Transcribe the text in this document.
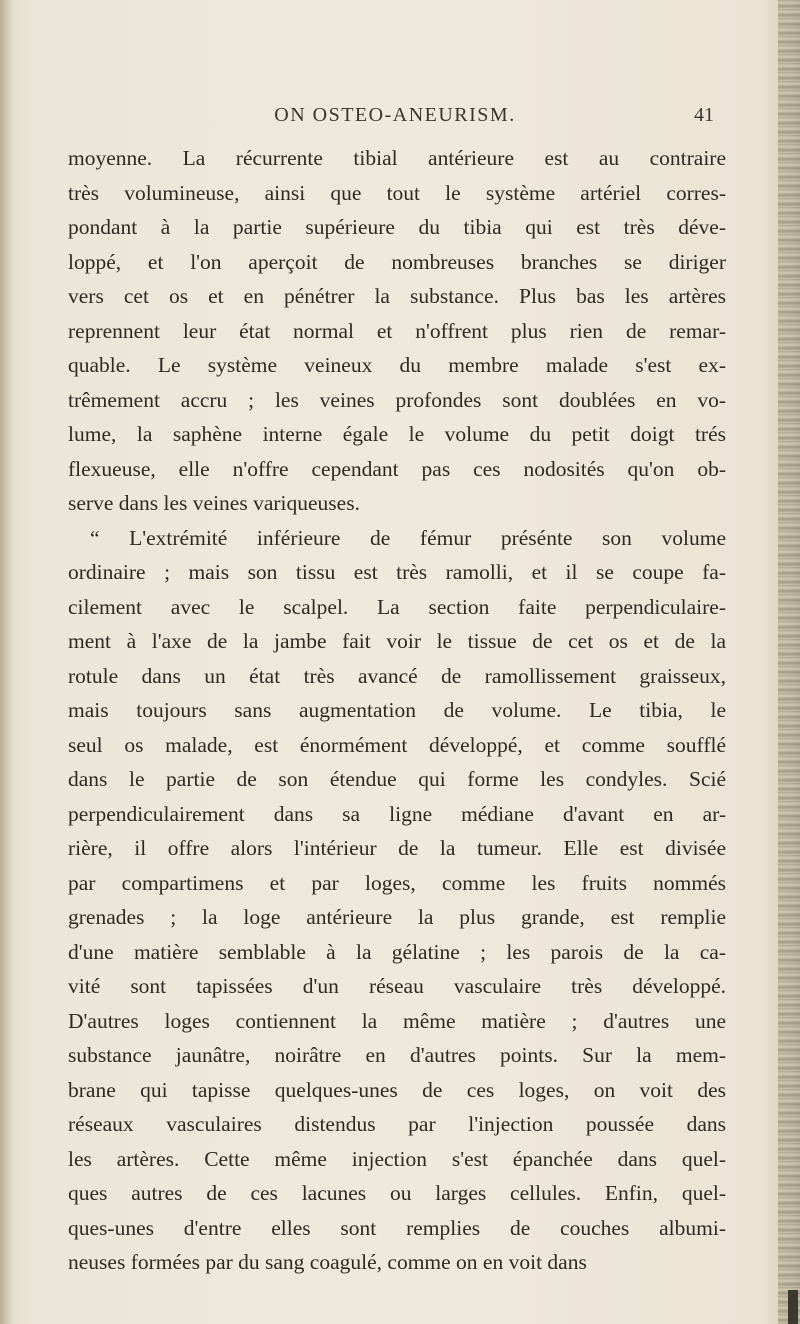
ON OSTEO-ANEURISM.	41
moyenne. La récurrente tibial antérieure est au contraire
très volumineuse, ainsi que tout le système artériel corres-
pondant à la partie supérieure du tibia qui est très déve-
loppé, et l'on aperçoit de nombreuses branches se diriger
vers cet os et en pénétrer la substance. Plus bas les artères
reprennent leur état normal et n'offrent plus rien de remar-
quable. Le système veineux du membre malade s'est ex-
trêmement accru ; les veines profondes sont doublées en vo-
lume, la saphène interne égale le volume du petit doigt trés
flexueuse, elle n'offre cependant pas ces nodosités qu'on ob-
serve dans les veines variqueuses.
“ L'extrémité inférieure de fémur présénte son volume
ordinaire ; mais son tissu est très ramolli, et il se coupe fa-
cilement avec le scalpel. La section faite perpendiculaire-
ment à l'axe de la jambe fait voir le tissue de cet os et de la
rotule dans un état très avancé de ramollissement graisseux,
mais toujours sans augmentation de volume. Le tibia, le
seul os malade, est énormément développé, et comme soufflé
dans le partie de son étendue qui forme les condyles. Scié
perpendiculairement dans sa ligne médiane d'avant en ar-
rière, il offre alors l'intérieur de la tumeur. Elle est divisée
par compartimens et par loges, comme les fruits nommés
grenades ; la loge antérieure la plus grande, est remplie
d'une matière semblable à la gélatine ; les parois de la ca-
vité sont tapissées d'un réseau vasculaire très développé.
D'autres loges contiennent la même matière ; d'autres une
substance jaunâtre, noirâtre en d'autres points. Sur la mem-
brane qui tapisse quelques-unes de ces loges, on voit des
réseaux vasculaires distendus par l'injection poussée dans
les artères. Cette même injection s'est épanchée dans quel-
ques autres de ces lacunes ou larges cellules. Enfin, quel-
ques-unes d'entre elles sont remplies de couches albumi-
neuses formées par du sang coagulé, comme on en voit dans
